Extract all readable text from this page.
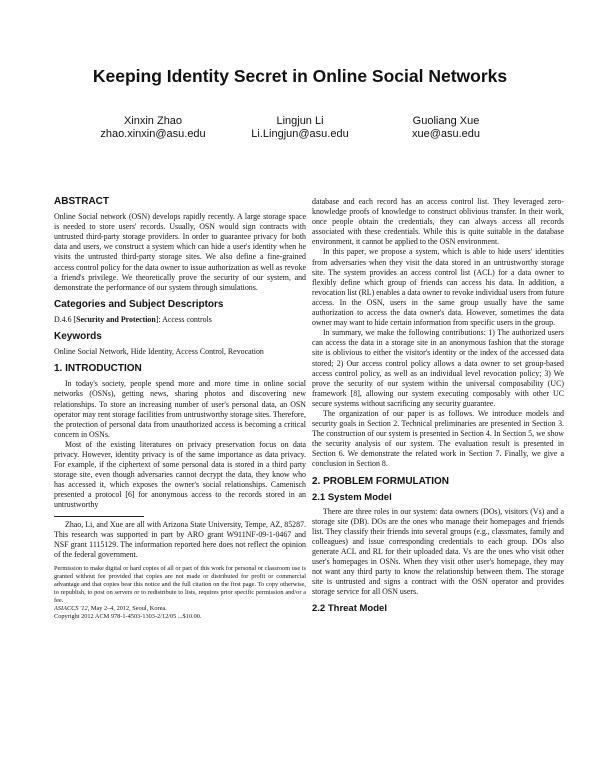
Keeping Identity Secret in Online Social Networks
Xinxin Zhao
zhao.xinxin@asu.edu
Lingjun Li
Li.Lingjun@asu.edu
Guoliang Xue
xue@asu.edu
ABSTRACT

Online Social network (OSN) develops rapidly recently. A large storage space is needed to store users' records. Usually, OSN would sign contracts with untrusted third-party storage providers. In order to guarantee privacy for both data and users, we construct a system which can hide a user's identity when he visits the untrusted third-party storage sites. We also define a fine-grained access control policy for the data owner to issue authorization as well as revoke a friend's privilege. We theoretically prove the security of our system, and demonstrate the performance of our system through simulations.

Categories and Subject Descriptors

D.4.6 [Security and Protection]: Access controls

Keywords

Online Social Network, Hide Identity, Access Control, Revocation

1. INTRODUCTION

In today's society, people spend more and more time in online social networks (OSNs), getting news, sharing photos and discovering new relationships. To store an increasing number of user's personal data, an OSN operator may rent storage facilities from untrustworthy storage sites. Therefore, the protection of personal data from unauthorized access is becoming a critical concern in OSNs.

Most of the existing literatures on privacy preservation focus on data privacy. However, identity privacy is of the same importance as data privacy. For example, if the ciphertext of some personal data is stored in a third party storage site, even though adversaries cannot decrypt the data, they know who has accessed it, which exposes the owner's social relationships. Camenisch presented a protocol [6] for anonymous access to the records stored in an untrustworthy

Zhao, Li, and Xue are all with Arizona State University, Tempe, AZ, 85287. This research was supported in part by ARO grant W911NF-09-1-0467 and NSF grant 1115129. The information reported here does not reflect the opinion of the federal government.

Permission to make digital or hard copies of all or part of this work for personal or classroom use is granted without fee provided that copies are not made or distributed for profit or commercial advantage and that copies bear this notice and the full citation on the first page. To copy otherwise, to republish, to post on servers or to redistribute to lists, requires prior specific permission and/or a fee.

ASIACCS '12, May 2–4, 2012, Seoul, Korea.

Copyright 2012 ACM 978-1-4503-1303-2/12/05 ...$10.00.

database and each record has an access control list. They leveraged zero-knowledge proofs of knowledge to construct oblivious transfer. In their work, once people obtain the credentials, they can always access all records associated with these credentials. While this is quite suitable in the database environment, it cannot be applied to the OSN environment.

In this paper, we propose a system, which is able to hide users' identities from adversaries when they visit the data stored in an untrustworthy storage site. The system provides an access control list (ACL) for a data owner to flexibly define which group of friends can access his data. In addition, a revocation list (RL) enables a data owner to revoke individual users from future access. In the OSN, users in the same group usually have the same authorization to access the data owner's data. However, sometimes the data owner may want to hide certain information from specific users in the group.

In summary, we make the following contributions: 1) The authorized users can access the data in a storage site in an anonymous fashion that the storage site is oblivious to either the visitor's identity or the index of the accessed data stored; 2) Our access control policy allows a data owner to set group-based access control policy, as well as an individual level revocation policy; 3) We prove the security of our system within the universal composability (UC) framework [8], allowing our system executing composably with other UC secure systems without sacrificing any security guarantee.

The organization of our paper is as follows. We introduce models and security goals in Section 2. Technical preliminaries are presented in Section 3. The construction of our system is presented in Section 4. In Section 5, we show the security analysis of our system. The evaluation result is presented in Section 6. We demonstrate the related work in Section 7. Finally, we give a conclusion in Section 8.

2. PROBLEM FORMULATION
2.1 System Model

There are three roles in our system: data owners (DOs), visitors (Vs) and a storage site (DB). DOs are the ones who manage their homepages and friends list. They classify their friends into several groups (e.g., classmates, family and colleagues) and issue corresponding credentials to each group. DOs also generate ACL and RL for their uploaded data. Vs are the ones who visit other user's homepages in OSNs. When they visit other user's homepage, they may not want any third party to know the relationship between them. The storage site is untrusted and signs a contract with the OSN operator and provides storage service for all OSN users.

2.2 Threat Model
